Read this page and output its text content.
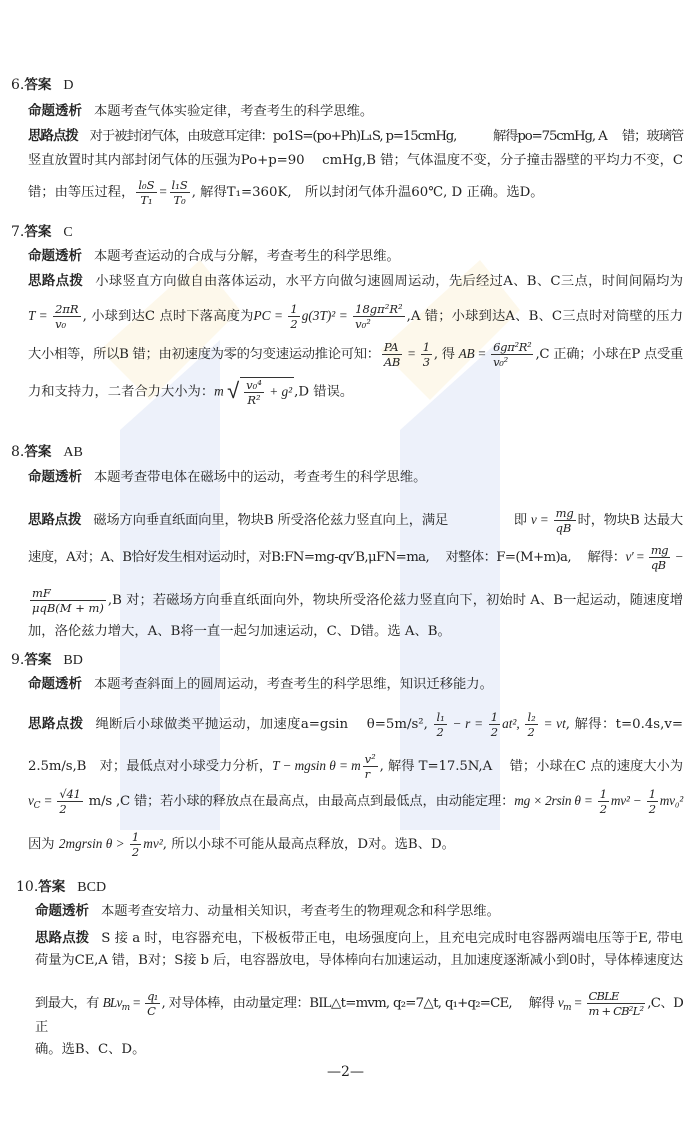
6.答案 D
命题透析 本题考查气体实验定律，考查考生的科学思维。
思路点拨 对于被封闭气体，由玻意耳定律：po1S=(po+Ph)L₁S, p=15cmHg,　　　解得po=75cmHg, A　 错；玻璃管
竖直放置时其内部封闭气体的压强为Po+p=90　 cmHg,B 错；气体温度不变，分子撞击器壁的平均力不变，C
错；由等压过程， $\frac{\text{l₀S}}{\text{T₁}} = \frac{\text{l₁S}}{\text{T₀}}$ , 解得T₁=360K,　所以封闭气体升温60℃, D 正确。选D。
7.答案 C
命题透析 本题考查运动的合成与分解，考查考生的科学思维。
思路点拨 小球竖直方向做自由落体运动，水平方向做匀速圆周运动，先后经过A、B、C三点，时间间隔均为
$T = \frac{2\pi R}{\text{v₀}}$ , 小球到达C 点时下落高度为PC = $\frac{1}{2} g(3T)^2 = \frac{\text{18gπ²R²}}{\text{v₀²}} ,A$ 错；小球到达A、B、C三点时对筒壁的压力
大小相等，所以B 错；由初速度为零的匀变速运动推论可知： $\frac{PA}{AB} = \frac{1}{3}$ , 得 AB = $\frac{\text{6gπ²R²}}{\text{v₀²}} ,C$ 正确；小球在P 点受重
力和支持力，二者合力大小为：m √ $\frac{\text{v₀⁴}}{\text{R²}} + g^2$ ,D 错误。
8.答案 AB
命题透析 本题考查带电体在磁场中的运动，考查考生的科学思维。
思路点拨 磁场方向垂直纸面向里，物块B 所受洛伦兹力竖直向上，满足　　　　　即 $v = \frac{mg}{qB}$ 时，物块B 达最大
速度，A对；A、B恰好发生相对运动时，对B:FN=mg-qv′B,μFN=ma,　 对整体：F=(M+m)a,　 解得：$v' = \frac{mg}{qB}$ −
mF
μqB(M + m) ,B 对；若磁场方向垂直纸面向外，物块所受洛伦兹力竖直向下，初始时 A、B一起运动，随速度增
加，洛伦兹力增大，A、B将一直一起匀加速运动，C、D错。选 A、B。
9.答案 BD
命题透析 本题考查斜面上的圆周运动，考查考生的科学思维，知识迁移能力。
思路点拨 绳断后小球做类平抛运动，加速度a=gsin　 θ=5m/s², $\frac{\text{l₁}}{2} - r = \frac{1}{2} at^2$, $\frac{\text{l₂}}{2}$ = vt, 解得：t=0.4s,v=
2.5m/s,B　对；最低点对小球受力分析，T − mgsin θ = m $\frac{\text{v²}}{r}$ , 解得 T=17.5N,A　 错；小球在C 点的速度大小为
$v_C = \frac{√41}{2} m/s$ ,C 错；若小球的释放点在最高点，由最高点到最低点，由动能定理：mg × 2rsin $\theta = \frac{1}{2} mv^2 - \frac{1}{2} mv_0^2$
因为 2mgrsin $\theta > \frac{1}{2} mv^2$, 所以小球不可能从最高点释放，D对。选B、D。
10.答案 BCD
命题透析 本题考查安培力、动量相关知识，考查考生的物理观念和科学思维。
思路点拨 S 接 a 时，电容器充电，下极板带正电，电场强度向上，且充电完成时电容器两端电压等于E, 带电
荷量为CE,A 错，B对；S接 b 后，电容器放电，导体棒向右加速运动，且加速度逐渐减小到0时，导体棒速度达
到最大，有 $BLv_m = \frac{\text{q₁}}{C}$ , 对导体棒，由动量定理：BIL△t=mvm, q₂=7△t, q₁+q₂=CE,　 解得 $v_m$ = CBLE
m + CB²L² ,C、D正
确。选B、C、D。
—2—
